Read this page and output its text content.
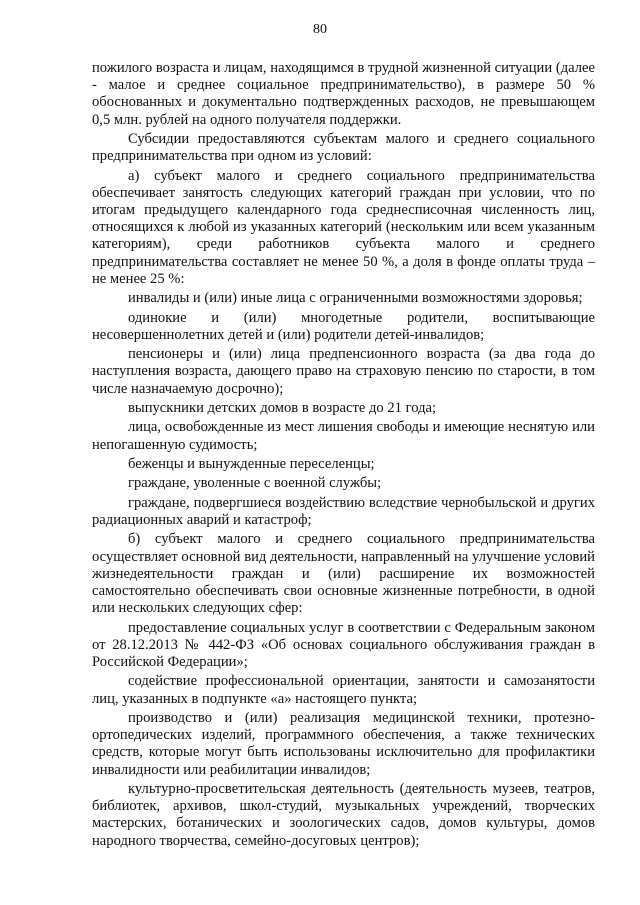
80

пожилого возраста и лицам, находящимся в трудной жизненной ситуации (далее - малое и среднее социальное предпринимательство), в размере 50 % обоснованных и документально подтвержденных расходов, не превышающем 0,5 млн. рублей на одного получателя поддержки.

Субсидии предоставляются субъектам малого и среднего социального предпринимательства при одном из условий:

а) субъект малого и среднего социального предпринимательства обеспечивает занятость следующих категорий граждан при условии, что по итогам предыдущего календарного года среднесписочная численность лиц, относящихся к любой из указанных категорий (нескольким или всем указанным категориям), среди работников субъекта малого и среднего предпринимательства составляет не менее 50 %, а доля в фонде оплаты труда – не менее 25 %:

инвалиды и (или) иные лица с ограниченными возможностями здоровья;

одинокие и (или) многодетные родители, воспитывающие несовершеннолетних детей и (или) родители детей-инвалидов;

пенсионеры и (или) лица предпенсионного возраста (за два года до наступления возраста, дающего право на страховую пенсию по старости, в том числе назначаемую досрочно);

выпускники детских домов в возрасте до 21 года;

лица, освобожденные из мест лишения свободы и имеющие неснятую или непогашенную судимость;

беженцы и вынужденные переселенцы;

граждане, уволенные с военной службы;

граждане, подвергшиеся воздействию вследствие чернобыльской и других радиационных аварий и катастроф;

б) субъект малого и среднего социального предпринимательства осуществляет основной вид деятельности, направленный на улучшение условий жизнедеятельности граждан и (или) расширение их возможностей самостоятельно обеспечивать свои основные жизненные потребности, в одной или нескольких следующих сфер:

предоставление социальных услуг в соответствии с Федеральным законом от 28.12.2013 № 442-ФЗ «Об основах социального обслуживания граждан в Российской Федерации»;

содействие профессиональной ориентации, занятости и самозанятости лиц, указанных в подпункте «а» настоящего пункта;

производство и (или) реализация медицинской техники, протезно-ортопедических изделий, программного обеспечения, а также технических средств, которые могут быть использованы исключительно для профилактики инвалидности или реабилитации инвалидов;

культурно-просветительская деятельность (деятельность музеев, театров, библиотек, архивов, школ-студий, музыкальных учреждений, творческих мастерских, ботанических и зоологических садов, домов культуры, домов народного творчества, семейно-досуговых центров);
